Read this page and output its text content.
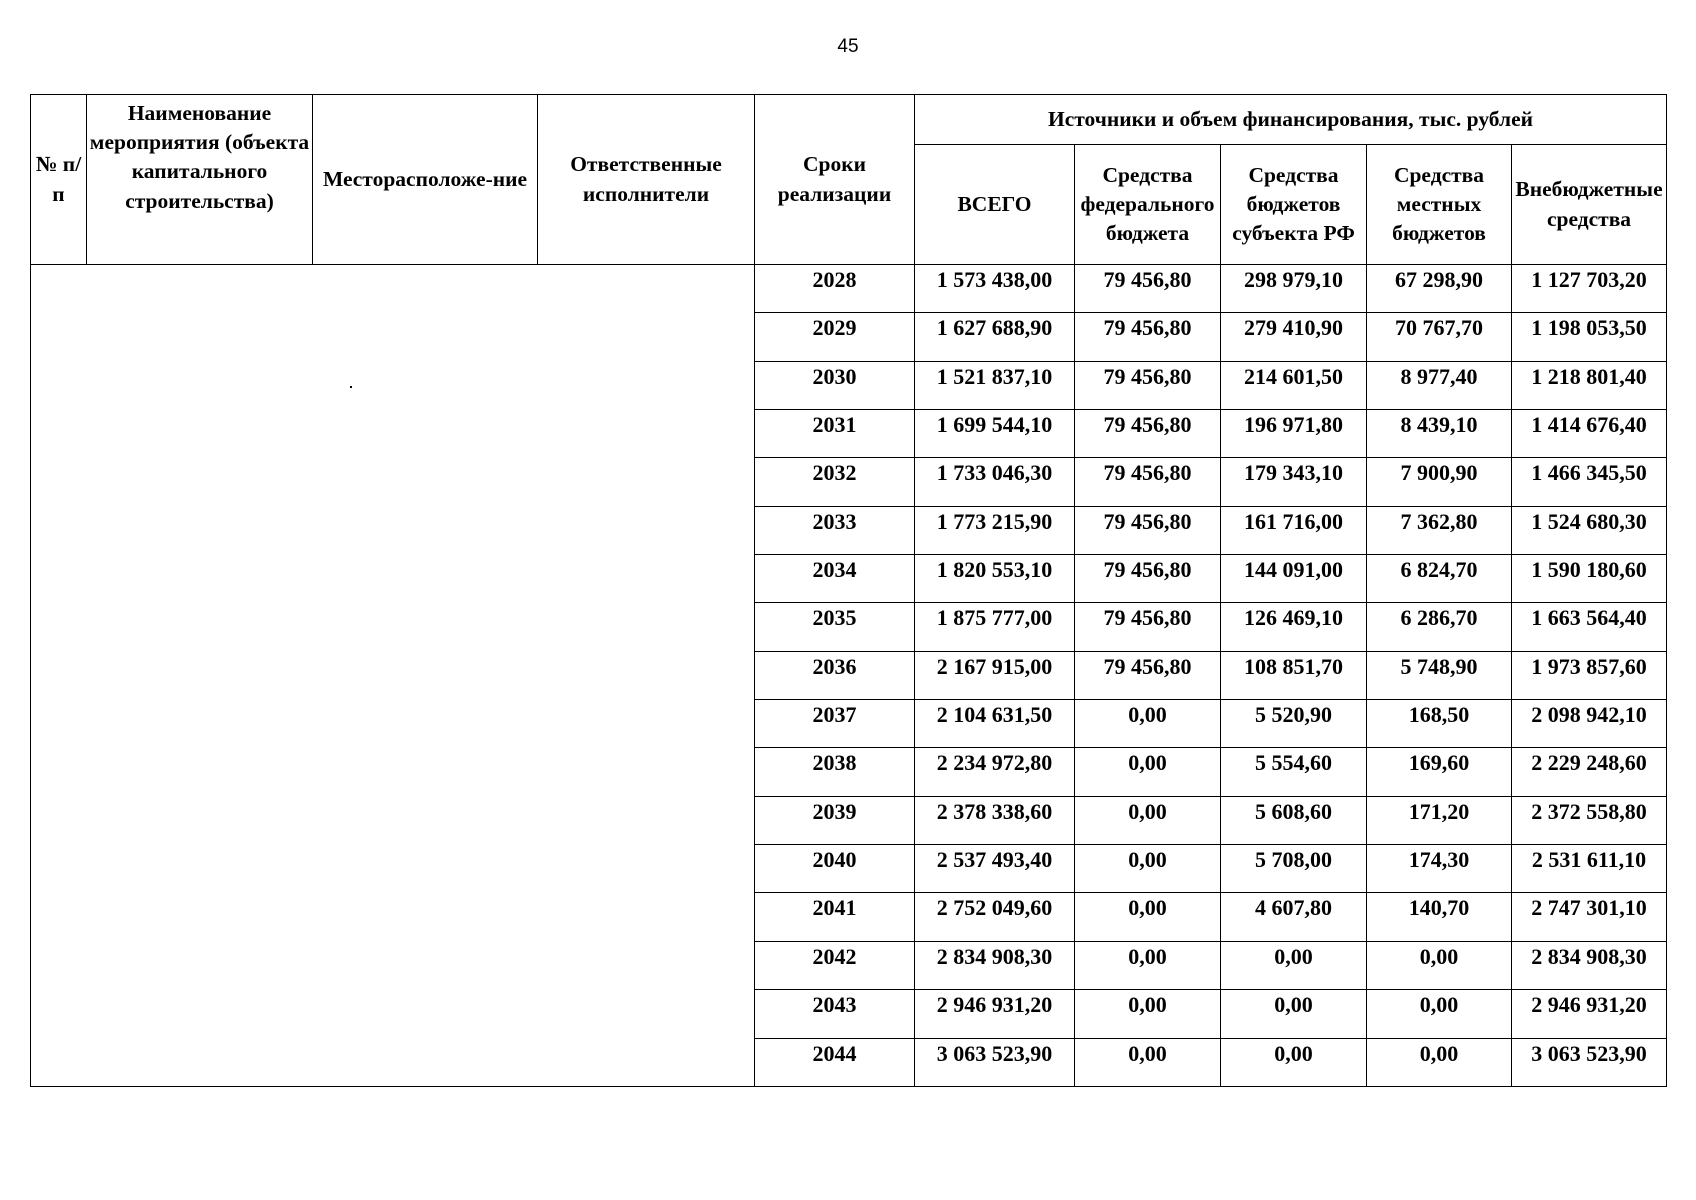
45
№ п/п	Наименование мероприятия (объекта капитального строительства)	Месторасположе-ние	Ответственные исполнители	Сроки реализации	Источники и объем финансирования, тыс. рублей				
					ВСЕГО	Средства федерального бюджета	Средства бюджетов субъекта РФ	Средства местных бюджетов	Внебюджетные средства
				2028	1 573 438,00	79 456,80	298 979,10	67 298,90	1 127 703,20
				2029	1 627 688,90	79 456,80	279 410,90	70 767,70	1 198 053,50
				2030	1 521 837,10	79 456,80	214 601,50	8 977,40	1 218 801,40
				2031	1 699 544,10	79 456,80	196 971,80	8 439,10	1 414 676,40
				2032	1 733 046,30	79 456,80	179 343,10	7 900,90	1 466 345,50
				2033	1 773 215,90	79 456,80	161 716,00	7 362,80	1 524 680,30
				2034	1 820 553,10	79 456,80	144 091,00	6 824,70	1 590 180,60
				2035	1 875 777,00	79 456,80	126 469,10	6 286,70	1 663 564,40
				2036	2 167 915,00	79 456,80	108 851,70	5 748,90	1 973 857,60
				2037	2 104 631,50	0,00	5 520,90	168,50	2 098 942,10
				2038	2 234 972,80	0,00	5 554,60	169,60	2 229 248,60
				2039	2 378 338,60	0,00	5 608,60	171,20	2 372 558,80
				2040	2 537 493,40	0,00	5 708,00	174,30	2 531 611,10
				2041	2 752 049,60	0,00	4 607,80	140,70	2 747 301,10
				2042	2 834 908,30	0,00	0,00	0,00	2 834 908,30
				2043	2 946 931,20	0,00	0,00	0,00	2 946 931,20
				2044	3 063 523,90	0,00	0,00	0,00	3 063 523,90
